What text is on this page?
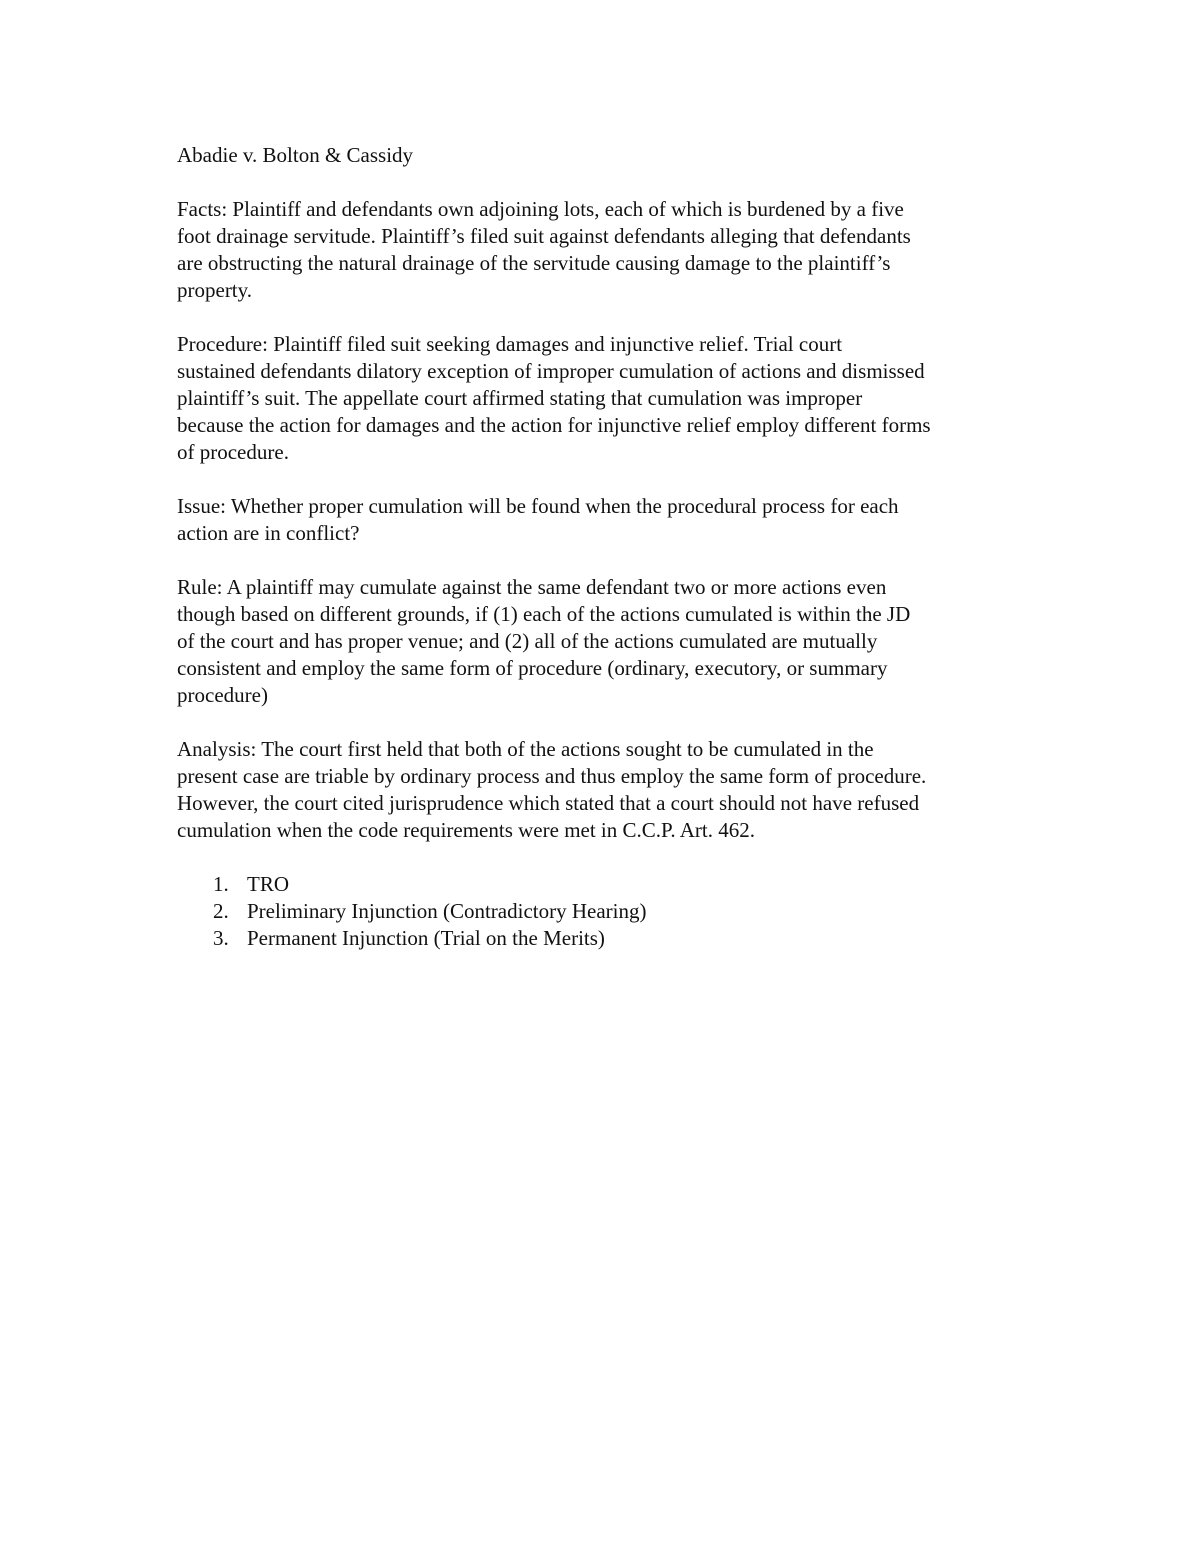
Abadie v. Bolton & Cassidy
Facts: Plaintiff and defendants own adjoining lots, each of which is burdened by a five
foot drainage servitude. Plaintiff’s filed suit against defendants alleging that defendants
are obstructing the natural drainage of the servitude causing damage to the plaintiff’s
property.
Procedure: Plaintiff filed suit seeking damages and injunctive relief. Trial court
sustained defendants dilatory exception of improper cumulation of actions and dismissed
plaintiff’s suit. The appellate court affirmed stating that cumulation was improper
because the action for damages and the action for injunctive relief employ different forms
of procedure.
Issue: Whether proper cumulation will be found when the procedural process for each
action are in conflict?
Rule: A plaintiff may cumulate against the same defendant two or more actions even
though based on different grounds, if (1) each of the actions cumulated is within the JD
of the court and has proper venue; and (2) all of the actions cumulated are mutually
consistent and employ the same form of procedure (ordinary, executory, or summary
procedure)
Analysis: The court first held that both of the actions sought to be cumulated in the
present case are triable by ordinary process and thus employ the same form of procedure.
However, the court cited jurisprudence which stated that a court should not have refused
cumulation when the code requirements were met in C.C.P. Art. 462.
1. TRO
2. Preliminary Injunction (Contradictory Hearing)
3. Permanent Injunction (Trial on the Merits)
